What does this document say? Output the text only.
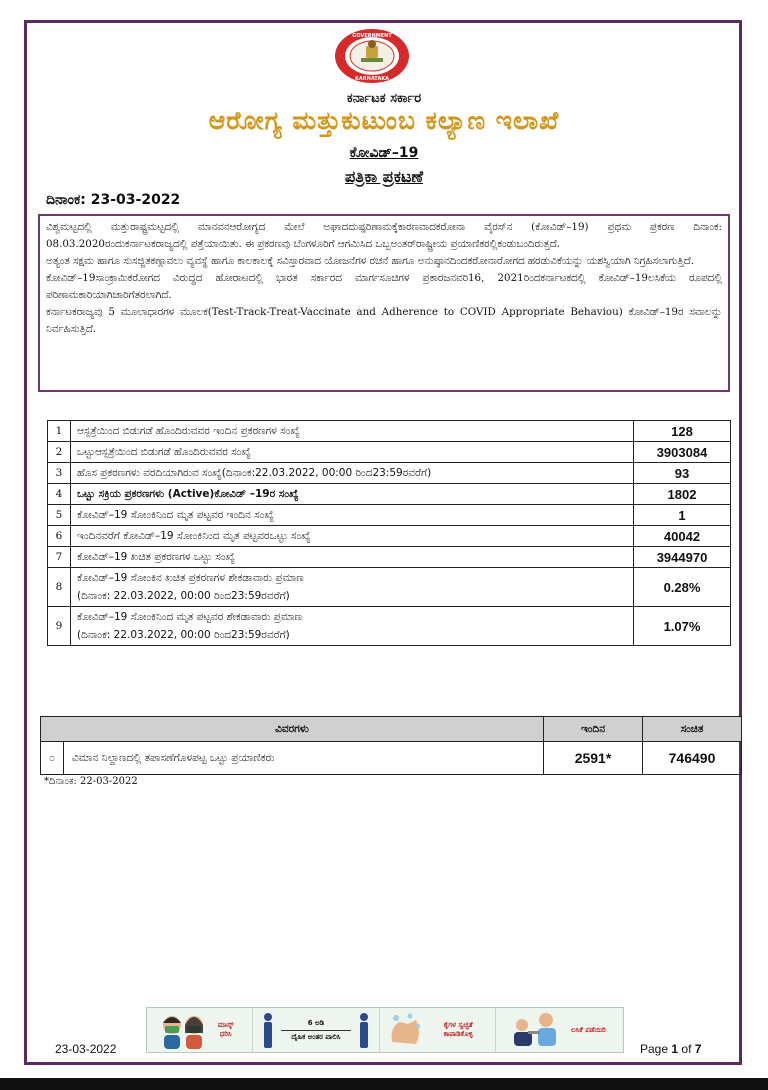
GOVERNMENT
KARNATAKA
ಕರ್ನಾಟಕ ಸರ್ಕಾರ
ಆರೋಗ್ಯ ಮತ್ತುಕುಟುಂಬ ಕಲ್ಯಾಣ ಇಲಾಖೆ
ಕೋವಿಡ್–19
ಪತ್ರಿಕಾ ಪ್ರಕಟಣೆ
ದಿನಾಂಕ: 23-03-2022

ವಿಶ್ವಮಟ್ಟದಲ್ಲಿ ಮತ್ತುರಾಷ್ಟ್ರಮಟ್ಟದಲ್ಲಿ ಮಾನವನಆರೋಗ್ಯದ ಮೇಲೆ ಅಘಾದದುಷ್ಪರಿಣಾಮಕ್ಕೆಕಾರಣವಾದಕರೋನಾ ವೈರಸ್‌ನ (ಕೋವಿಡ್–19) ಪ್ರಥಮ ಪ್ರಕರಣ ದಿನಾಂಕ: 08.03.2020ರಂದುಕರ್ನಾಟಕರಾಜ್ಯದಲ್ಲಿ ಪತ್ತೆಯಾಯಿತು. ಈ ಪ್ರಕರಣವು ಬೆಂಗಳೂರಿಗೆ ಆಗಮಿಸಿದ ಒಬ್ಬಅಂತರ್‌ರಾಷ್ಟ್ರೀಯ ಪ್ರಯಾಣಿಕರಲ್ಲಿಕಂಡುಬಂದಿರುತ್ತದೆ.

ಅತ್ಯಂತ ಸಕ್ಷಮ ಹಾಗೂ ಸುಸಜ್ಜಿತಕಣ್ಗಾವಲು ವ್ಯವಸ್ಥೆ ಹಾಗೂ ಕಾಲಕಾಲಕ್ಕೆ ಸವಿಸ್ತಾರವಾದ ಯೋಜನೆಗಳ ರಚನೆ ಹಾಗೂ ಅನುಷ್ಠಾನದಿಂದಕರೋನಾರೋಗದ ಹರಡುವಿಕೆಯನ್ನು ಯಶಸ್ವಿಯಾಗಿ ನಿಗ್ರಹಿಸಲಾಗುತ್ತಿದೆ.

ಕೋವಿಡ್–19ಸಾಂಕ್ರಾಮಿಕರೋಗದ ವಿರುದ್ಧದ ಹೋರಾಟದಲ್ಲಿ ಭಾರತ ಸರ್ಕಾರದ ಮಾರ್ಗಸೂಚಿಗಳ ಪ್ರಕಾರಜನವರಿ16, 2021ರಿಂದಕರ್ನಾಟಕದಲ್ಲಿ ಕೋವಿಡ್–19ಲಸಿಕೆಯ ರೂಪದಲ್ಲಿ ಪರಿಣಾಮಕಾರಿಯಾಗಿಜಾರಿಗೆತರಲಾಗಿದೆ.

ಕರ್ನಾಟಕರಾಜ್ಯವು 5 ಮೂಲಾಧಾರಗಳ ಮೂಲಕ(Test-Track-Treat-Vaccinate and Adherence to COVID Appropriate Behaviou) ಕೋವಿಡ್–19ರ ಸವಾಲನ್ನು ನಿರ್ವಹಿಸುತ್ತಿದೆ.

1	ಆಸ್ಪತ್ರೆಯಿಂದ ಬಿಡುಗಡೆ ಹೊಂದಿರುವವರ ಇಂದಿನ ಪ್ರಕರಣಗಳ ಸಂಖ್ಯೆ	128
2	ಒಟ್ಟುಆಸ್ಪತ್ರೆಯಿಂದ ಬಿಡುಗಡೆ ಹೊಂದಿರುವವರ ಸಂಖ್ಯೆ	3903084
3	ಹೊಸ ಪ್ರಕರಣಗಳು ವರದಿಯಾಗಿರುವ ಸಂಖ್ಯೆ(ದಿನಾಂಕ:22.03.2022, 00:00 ರಿಂದ23:59ರವರೆಗೆ)	93
4	ಒಟ್ಟು ಸಕ್ರಿಯ ಪ್ರಕರಣಗಳು (Active)ಕೋವಿಡ್ –19ರ ಸಂಖ್ಯೆ	1802
5	ಕೋವಿಡ್–19 ಸೋಂಕಿನಿಂದ ಮೃತ ಪಟ್ಟವರ ಇಂದಿನ ಸಂಖ್ಯೆ	1
6	ಇಂದಿನವರೆಗೆ ಕೋವಿಡ್–19 ಸೋಂಕಿನಿಂದ ಮೃತ ಪಟ್ಟವರಒಟ್ಟು ಸಂಖ್ಯೆ	40042
7	ಕೋವಿಡ್–19 ಖಚಿತ ಪ್ರಕರಣಗಳ ಒಟ್ಟು ಸಂಖ್ಯೆ	3944970
8	ಕೋವಿಡ್–19 ಸೋಂಕಿನ ಖಚಿತ ಪ್ರಕರಣಗಳ ಶೇಕಡಾವಾರು ಪ್ರಮಾಣ
(ದಿನಾಂಕ: 22.03.2022, 00:00 ರಿಂದ23:59ರವರೆಗೆ)	0.28%
9	ಕೋವಿಡ್–19 ಸೋಂಕಿನಿಂದ ಮೃತ ಪಟ್ಟವರ ಶೇಕಡಾವಾರು ಪ್ರಮಾಣ
(ದಿನಾಂಕ: 22.03.2022, 00:00 ರಿಂದ23:59ರವರೆಗೆ)	1.07%
ವಿವರಗಳು		ಇಂದಿನ	ಸಂಚಿತ
೦	ವಿಮಾನ ನಿಲ್ದಾಣದಲ್ಲಿ ತಪಾಸಣೆಗೊಳಪಟ್ಟ ಒಟ್ಟು ಪ್ರಯಾಣಿಕರು	2591*	746490
*ದಿನಾಂಕ: 22-03-2022
ಮಾಸ್ಕ್ ಧರಿಸಿ
6 ಅಡಿ
ದೈಹಿಕ ಅಂತರ ಪಾಲಿಸಿ
ಕೈಗಳ ಸ್ವಚ್ಛತೆ ಕಾಪಾಡಿಕೊಳ್ಳಿ
ಲಸಿಕೆ ಪಡೆಯಿರಿ
23-03-2022	Page 1 of 7
